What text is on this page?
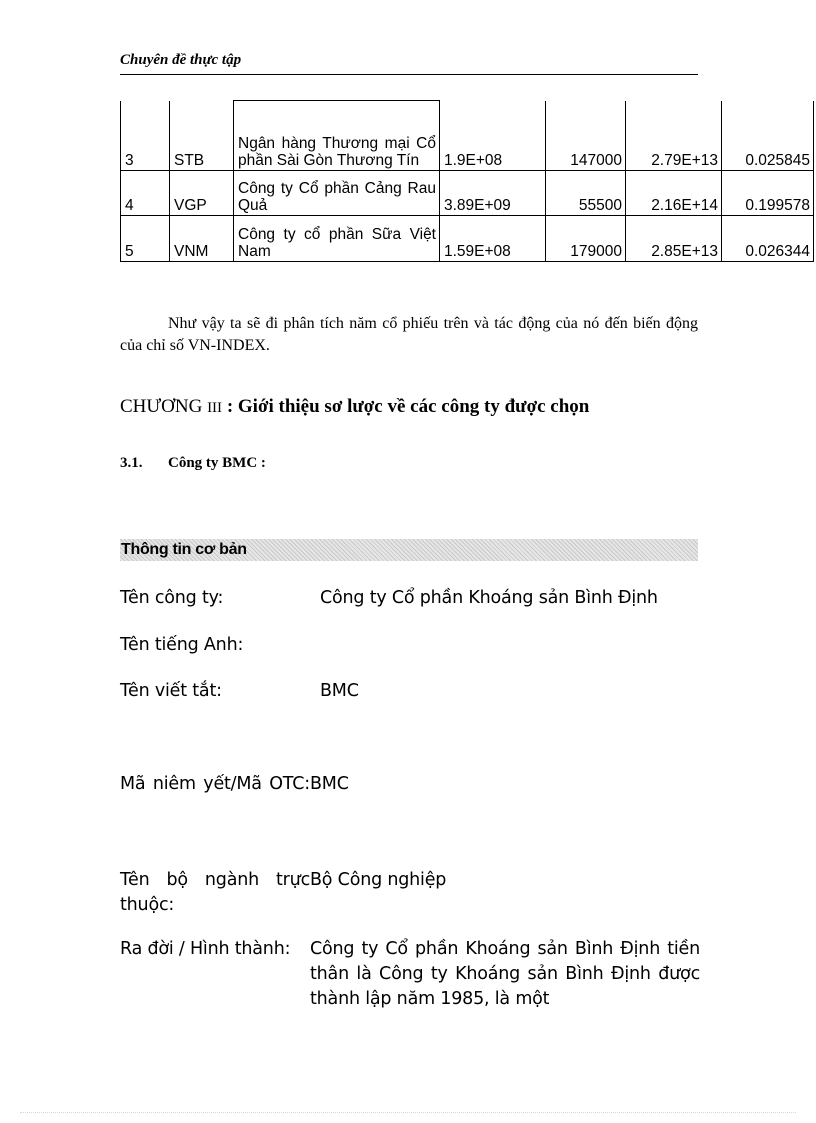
Chuyên đề thực tập
3	STB	Ngân hàng Thương mại Cổ phần Sài Gòn Thương Tín	1.9E+08	147000	2.79E+13	0.025845
4	VGP	Công ty Cổ phần Cảng Rau Quả	3.89E+09	55500	2.16E+14	0.199578
5	VNM	Công ty cổ phần Sữa Việt Nam	1.59E+08	179000	2.85E+13	0.026344
Như vậy ta sẽ đi phân tích năm cổ phiếu trên và tác động của nó đến biến động của chỉ số VN-INDEX.
CHƯƠNG III : Giới thiệu sơ lược về các công ty được chọn
3.1. Công ty BMC :
Thông tin cơ bản
Tên công ty:	Công ty Cổ phần Khoáng sản Bình Định
Tên tiếng Anh:
Tên viết tắt:	BMC
Mã niêm yết/Mã OTC: BMC
Tên bộ ngành trực thuộc:
Bộ Công nghiệp
Ra đời / Hình thành:	Công ty Cổ phần Khoáng sản Bình Định tiền thân là Công ty Khoáng sản Bình Định được thành lập năm 1985, là một
